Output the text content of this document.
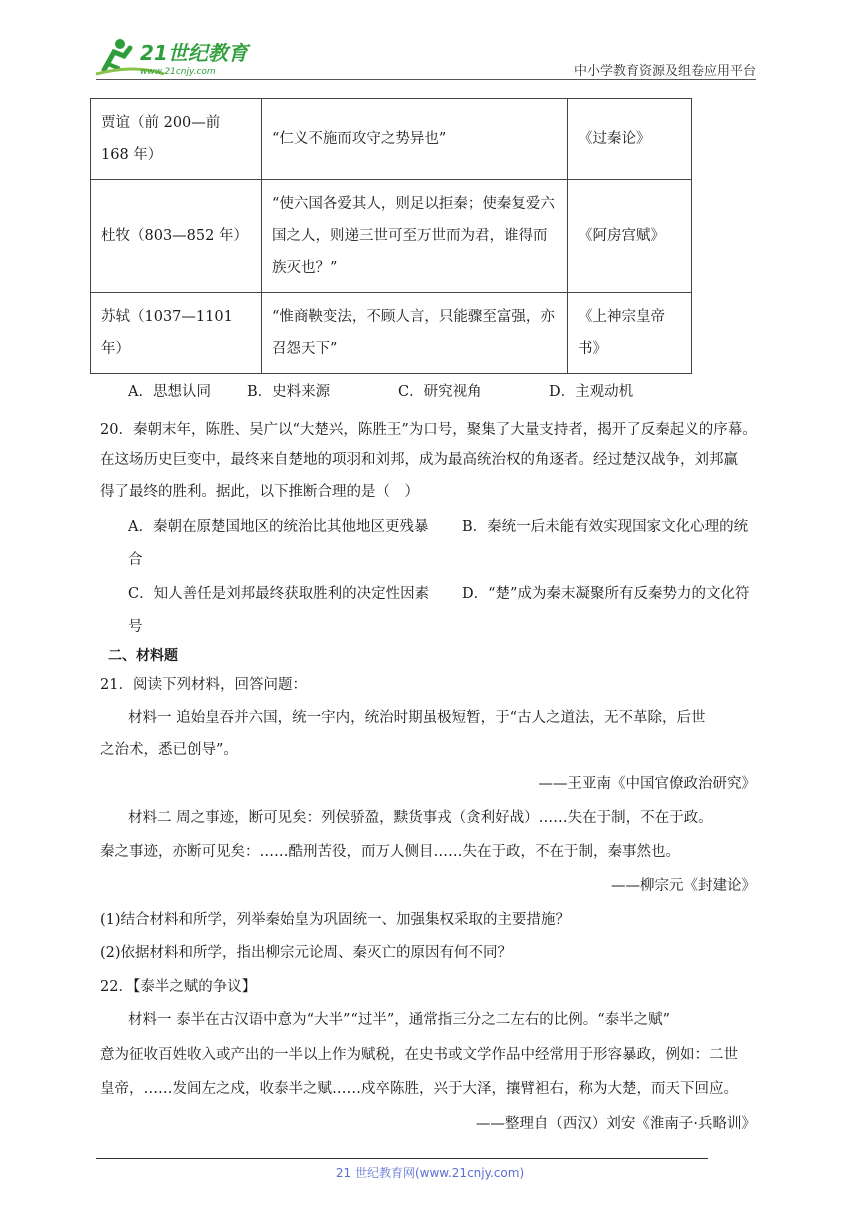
21世纪教育
www.21cnjy.com	中小学教育资源及组卷应用平台
贾谊（前 200—前 168 年）	“仁义不施而攻守之势异也”	《过秦论》
杜牧（803—852 年）	“使六国各爱其人，则足以拒秦；使秦复爱六国之人，则递三世可至万世而为君，谁得而族灭也？”	《阿房宫赋》
苏轼（1037—1101 年）	“惟商鞅变法，不顾人言，只能骤至富强，亦召怨天下”	《上神宗皇帝书》
A．思想认同 B．史料来源	C．研究视角	D．主观动机
20．秦朝末年，陈胜、吴广以“大楚兴，陈胜王”为口号，聚集了大量支持者，揭开了反秦起义的序幕。
在这场历史巨变中，最终来自楚地的项羽和刘邦，成为最高统治权的角逐者。经过楚汉战争，刘邦赢
得了最终的胜利。据此，以下推断合理的是（　）
A．秦朝在原楚国地区的统治比其他地区更残暴 B．秦统一后未能有效实现国家文化心理的统
合
C．知人善任是刘邦最终获取胜利的决定性因素 D．“楚”成为秦末凝聚所有反秦势力的文化符
号
二、材料题
21．阅读下列材料，回答问题：
材料一 追始皇吞并六国，统一宇内，统治时期虽极短暂，于“古人之道法，无不革除，后世
之治术，悉已创导”。
——王亚南《中国官僚政治研究》
材料二 周之事迹，断可见矣：列侯骄盈，黩货事戎（贪利好战）……失在于制，不在于政。
秦之事迹，亦断可见矣：……酷刑苦役，而万人侧目……失在于政，不在于制，秦事然也。
——柳宗元《封建论》
(1)结合材料和所学，列举秦始皇为巩固统一、加强集权采取的主要措施？
(2)依据材料和所学，指出柳宗元论周、秦灭亡的原因有何不同？
22．【泰半之赋的争议】
材料一 泰半在古汉语中意为“大半”“过半”，通常指三分之二左右的比例。“泰半之赋”
意为征收百姓收入或产出的一半以上作为赋税，在史书或文学作品中经常用于形容暴政，例如：二世
皇帝，……发闾左之戍，收泰半之赋……戍卒陈胜，兴于大泽，攘臂袒右，称为大楚，而天下回应。
——整理自（西汉）刘安《淮南子·兵略训》
21 世纪教育网(www.21cnjy.com)
